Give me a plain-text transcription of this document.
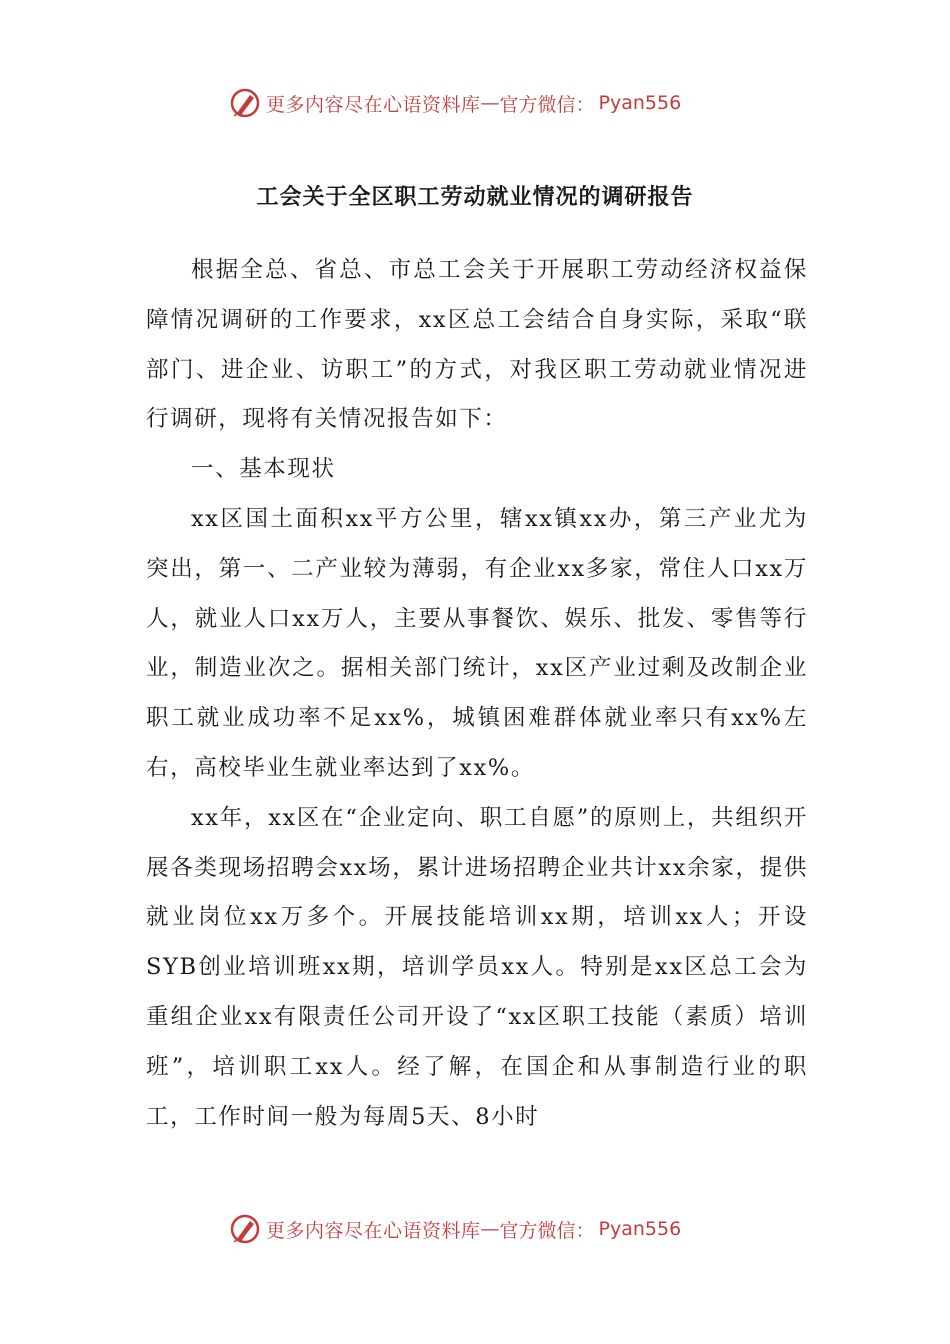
更多内容尽在心语资料库 — 官方微信： Pyan556
工会关于全区职工劳动就业情况的调研报告

根据全总、省总、市总工会关于开展职工劳动经济权益保障情况调研的工作要求，xx区总工会结合自身实际，采取“联部门、进企业、访职工”的方式，对我区职工劳动就业情况进行调研，现将有关情况报告如下：

一、基本现状

xx区国土面积xx平方公里，辖xx镇xx办，第三产业尤为突出，第一、二产业较为薄弱，有企业xx多家，常住人口xx万人，就业人口xx万人，主要从事餐饮、娱乐、批发、零售等行业，制造业次之。据相关部门统计，xx区产业过剩及改制企业职工就业成功率不足xx%，城镇困难群体就业率只有xx%左右，高校毕业生就业率达到了xx%。

xx年，xx区在“企业定向、职工自愿”的原则上，共组织开展各类现场招聘会xx场，累计进场招聘企业共计xx余家，提供就业岗位xx万多个。开展技能培训xx期，培训xx人；开设SYB创业培训班xx期，培训学员xx人。特别是xx区总工会为重组企业xx有限责任公司开设了“xx区职工技能（素质）培训班”，培训职工xx人。经了解，在国企和从事制造行业的职工，工作时间一般为每周5天、8小时

更多内容尽在心语资料库 — 官方微信： Pyan556
